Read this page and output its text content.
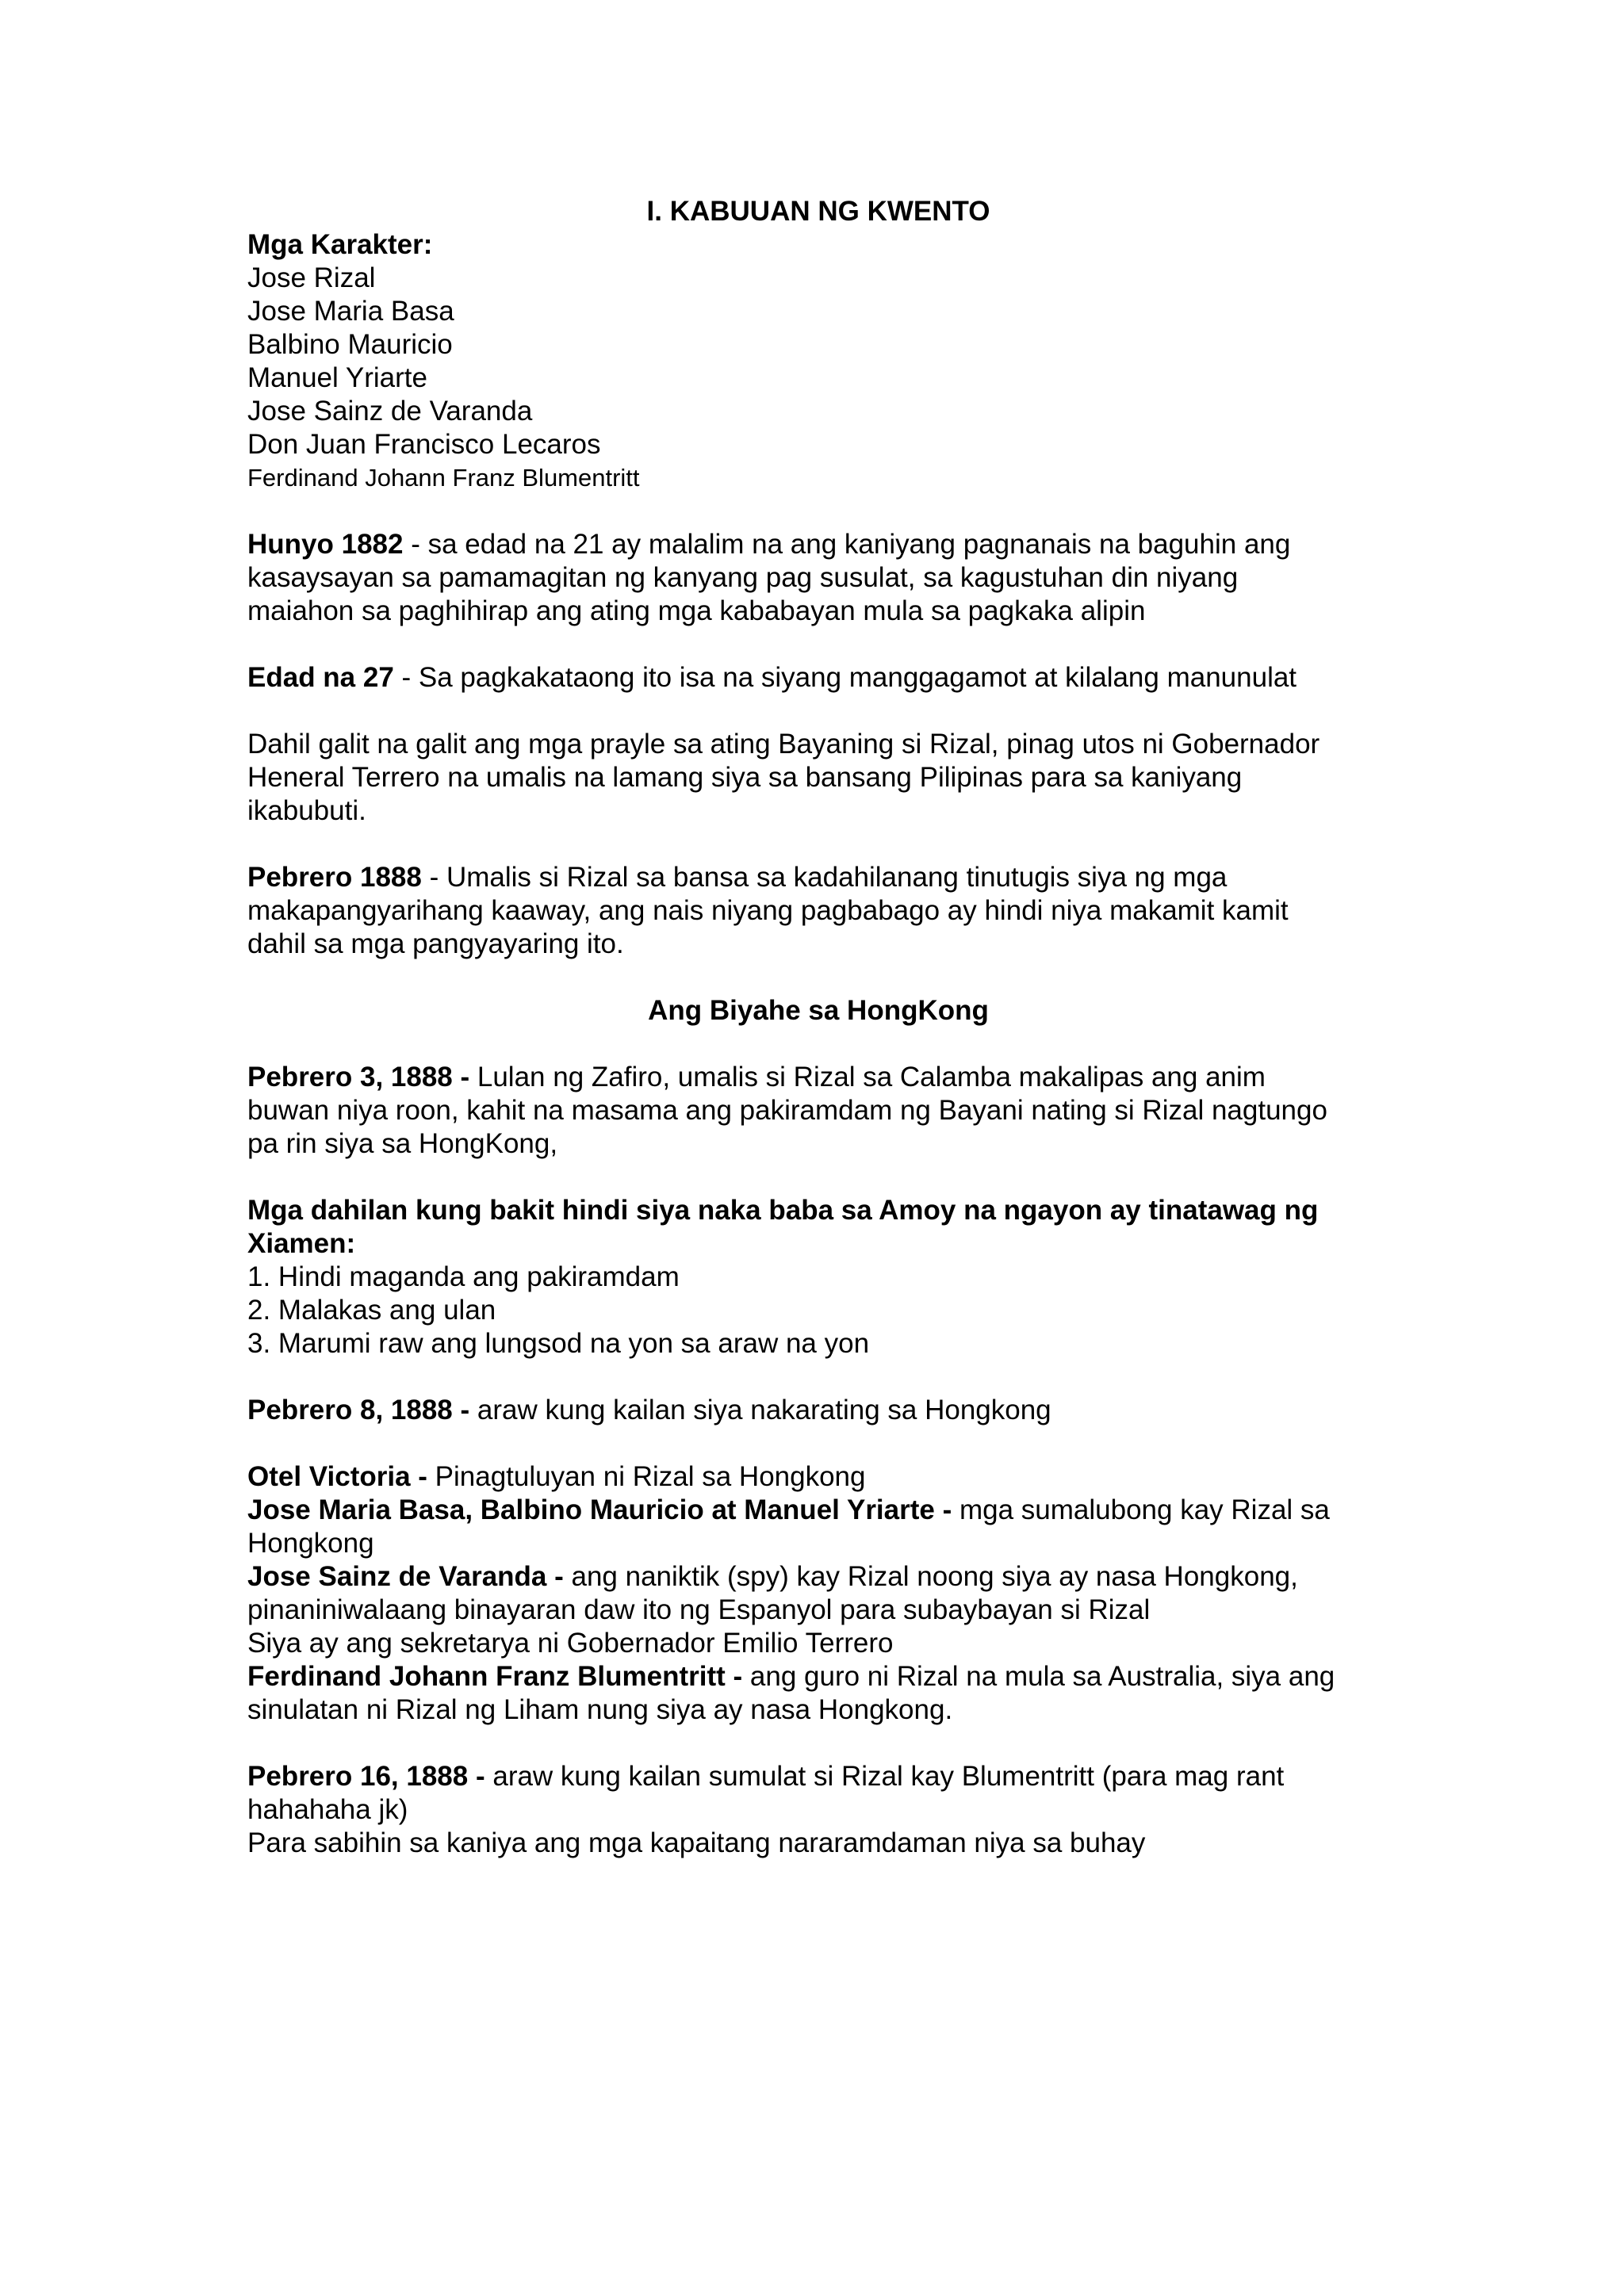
I. KABUUAN NG KWENTO
Mga Karakter:
Jose Rizal
Jose Maria Basa
Balbino Mauricio
Manuel Yriarte
Jose Sainz de Varanda
Don Juan Francisco Lecaros
Ferdinand Johann Franz Blumentritt
Hunyo 1882 - sa edad na 21 ay malalim na ang kaniyang pagnanais na baguhin ang
kasaysayan sa pamamagitan ng kanyang pag susulat, sa kagustuhan din niyang
maiahon sa paghihirap ang ating mga kababayan mula sa pagkaka alipin
Edad na 27 - Sa pagkakataong ito isa na siyang manggagamot at kilalang manunulat
Dahil galit na galit ang mga prayle sa ating Bayaning si Rizal, pinag utos ni Gobernador
Heneral Terrero na umalis na lamang siya sa bansang Pilipinas para sa kaniyang
ikabubuti.
Pebrero 1888 - Umalis si Rizal sa bansa sa kadahilanang tinutugis siya ng mga
makapangyarihang kaaway, ang nais niyang pagbabago ay hindi niya makamit kamit
dahil sa mga pangyayaring ito.
Ang Biyahe sa HongKong
Pebrero 3, 1888 - Lulan ng Zafiro, umalis si Rizal sa Calamba makalipas ang anim
buwan niya roon, kahit na masama ang pakiramdam ng Bayani nating si Rizal nagtungo
pa rin siya sa HongKong,
Mga dahilan kung bakit hindi siya naka baba sa Amoy na ngayon ay tinatawag ng
Xiamen:
1. Hindi maganda ang pakiramdam
2. Malakas ang ulan
3. Marumi raw ang lungsod na yon sa araw na yon
Pebrero 8, 1888 - araw kung kailan siya nakarating sa Hongkong
Otel Victoria - Pinagtuluyan ni Rizal sa Hongkong
Jose Maria Basa, Balbino Mauricio at Manuel Yriarte - mga sumalubong kay Rizal sa
Hongkong
Jose Sainz de Varanda - ang naniktik (spy) kay Rizal noong siya ay nasa Hongkong,
pinaniniwalaang binayaran daw ito ng Espanyol para subaybayan si Rizal
Siya ay ang sekretarya ni Gobernador Emilio Terrero
Ferdinand Johann Franz Blumentritt - ang guro ni Rizal na mula sa Australia, siya ang
sinulatan ni Rizal ng Liham nung siya ay nasa Hongkong.
Pebrero 16, 1888 - araw kung kailan sumulat si Rizal kay Blumentritt (para mag rant
hahahaha jk)
Para sabihin sa kaniya ang mga kapaitang nararamdaman niya sa buhay
